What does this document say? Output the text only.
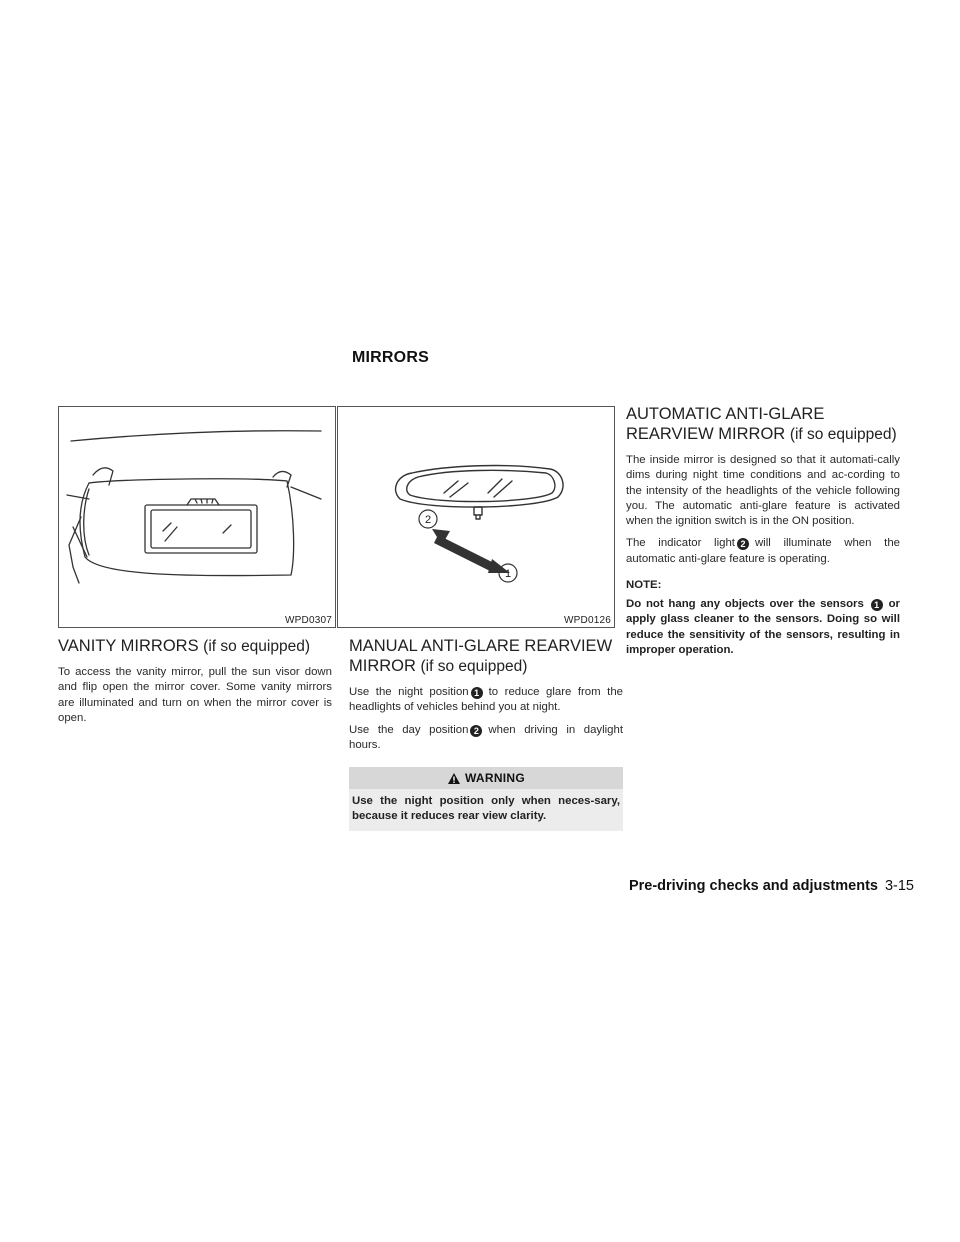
MIRRORS
WPD0307
2
1
WPD0126
VANITY MIRRORS (if so equipped)

To access the vanity mirror, pull the sun visor down and flip open the mirror cover. Some vanity mirrors are illuminated and turn on when the mirror cover is open.

MANUAL ANTI-GLARE REARVIEW
MIRROR (if so equipped)

Use the night position 1 to reduce glare from the headlights of vehicles behind you at night.

Use the day position 2 when driving in daylight hours.

WARNING
Use the night position only when neces-sary, because it reduces rear view clarity.
AUTOMATIC ANTI-GLARE
REARVIEW MIRROR (if so equipped)

The inside mirror is designed so that it automati-cally dims during night time conditions and ac-cording to the intensity of the headlights of the vehicle following you. The automatic anti-glare feature is activated when the ignition switch is in the ON position.

The indicator light 2 will illuminate when the automatic anti-glare feature is operating.

NOTE:

Do not hang any objects over the sensors 1 or apply glass cleaner to the sensors. Doing so will reduce the sensitivity of the sensors, resulting in improper operation.

Pre-driving checks and adjustments 3-15
